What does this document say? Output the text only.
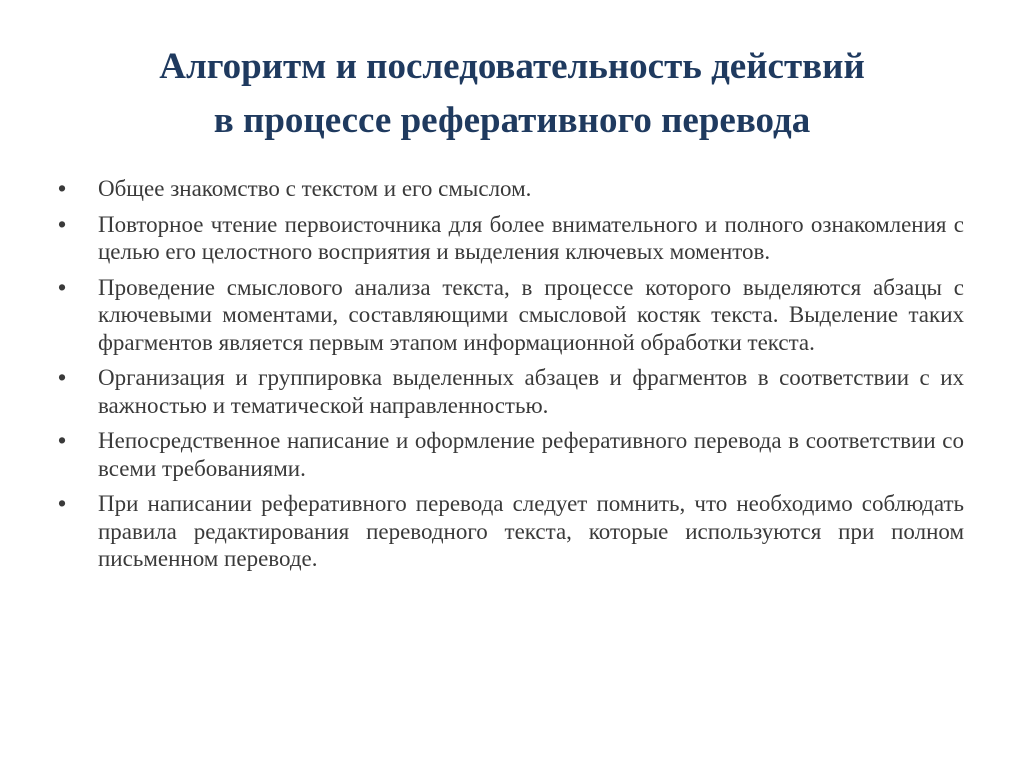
Алгоритм и последовательность действий
в процессе реферативного перевода
•	Общее знакомство с текстом и его смыслом.
•	Повторное чтение первоисточника для более внимательного и полного ознакомления с целью его целостного восприятия и выделения ключевых моментов.
•	Проведение смыслового анализа текста, в процессе которого выделяются абзацы с ключевыми моментами, составляющими смысловой костяк текста. Выделение таких фрагментов является первым этапом информационной обработки текста.
•	Организация и группировка выделенных абзацев и фрагментов в соответствии с их важностью и тематической направленностью.
•	Непосредственное написание и оформление реферативного перевода в соответствии со всеми требованиями.
•	При написании реферативного перевода следует помнить, что необходимо соблюдать правила редактирования переводного текста, которые используются при полном письменном переводе.
